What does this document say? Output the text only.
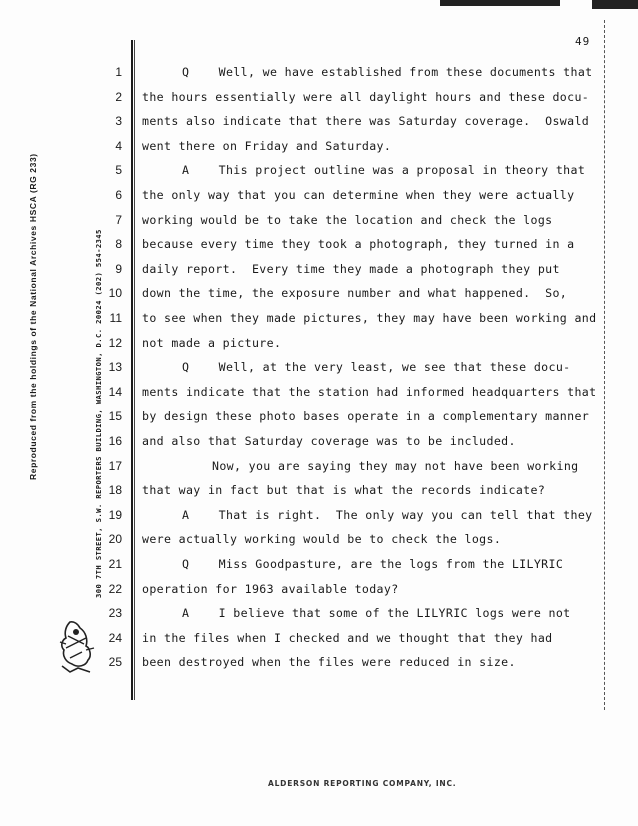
49
Reproduced from the holdings of the National Archives HSCA (RG 233)	300 7TH STREET, S.W. REPORTERS BUILDING, WASHINGTON, D.C. 20024 (202) 554-2345
1	Q    Well, we have established from these documents that
2 the hours essentially were all daylight hours and these docu-
3 ments also indicate that there was Saturday coverage.  Oswald
4 went there on Friday and Saturday.
5	A    This project outline was a proposal in theory that
6 the only way that you can determine when they were actually
7 working would be to take the location and check the logs
8 because every time they took a photograph, they turned in a
9 daily report.  Every time they made a photograph they put
10 down the time, the exposure number and what happened.  So,
11 to see when they made pictures, they may have been working and
12 not made a picture.
13	Q    Well, at the very least, we see that these docu-
14 ments indicate that the station had informed headquarters that
15 by design these photo bases operate in a complementary manner
16 and also that Saturday coverage was to be included.
17	Now, you are saying they may not have been working
18 that way in fact but that is what the records indicate?
19	A    That is right.  The only way you can tell that they
20 were actually working would be to check the logs.
21	Q    Miss Goodpasture, are the logs from the LILYRIC
22 operation for 1963 available today?
23	A    I believe that some of the LILYRIC logs were not
24 in the files when I checked and we thought that they had
25 been destroyed when the files were reduced in size.
ALDERSON REPORTING COMPANY, INC.
